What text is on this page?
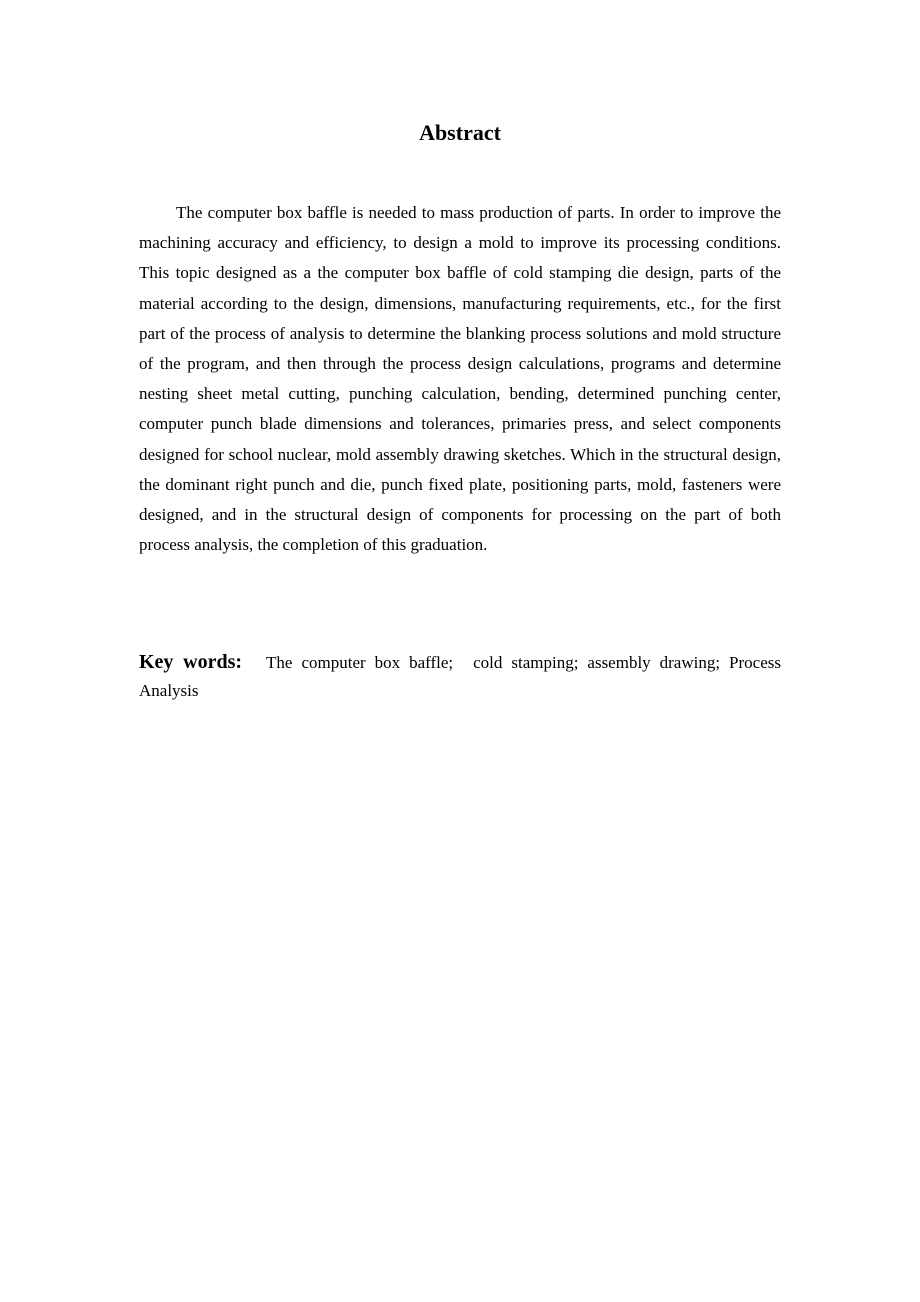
Abstract

The computer box baffle is needed to mass production of parts. In order to improve the machining accuracy and efficiency, to design a mold to improve its processing conditions. This topic designed as a the computer box baffle of cold stamping die design, parts of the material according to the design, dimensions, manufacturing requirements, etc., for the first part of the process of analysis to determine the blanking process solutions and mold structure of the program, and then through the process design calculations, programs and determine nesting sheet metal cutting, punching calculation, bending, determined punching center, computer punch blade dimensions and tolerances, primaries press, and select components designed for school nuclear, mold assembly drawing sketches. Which in the structural design, the dominant right punch and die, punch fixed plate, positioning parts, mold, fasteners were designed, and in the structural design of components for processing on the part of both process analysis, the completion of this graduation.

Key words: The computer box baffle; cold stamping; assembly drawing; Process Analysis
